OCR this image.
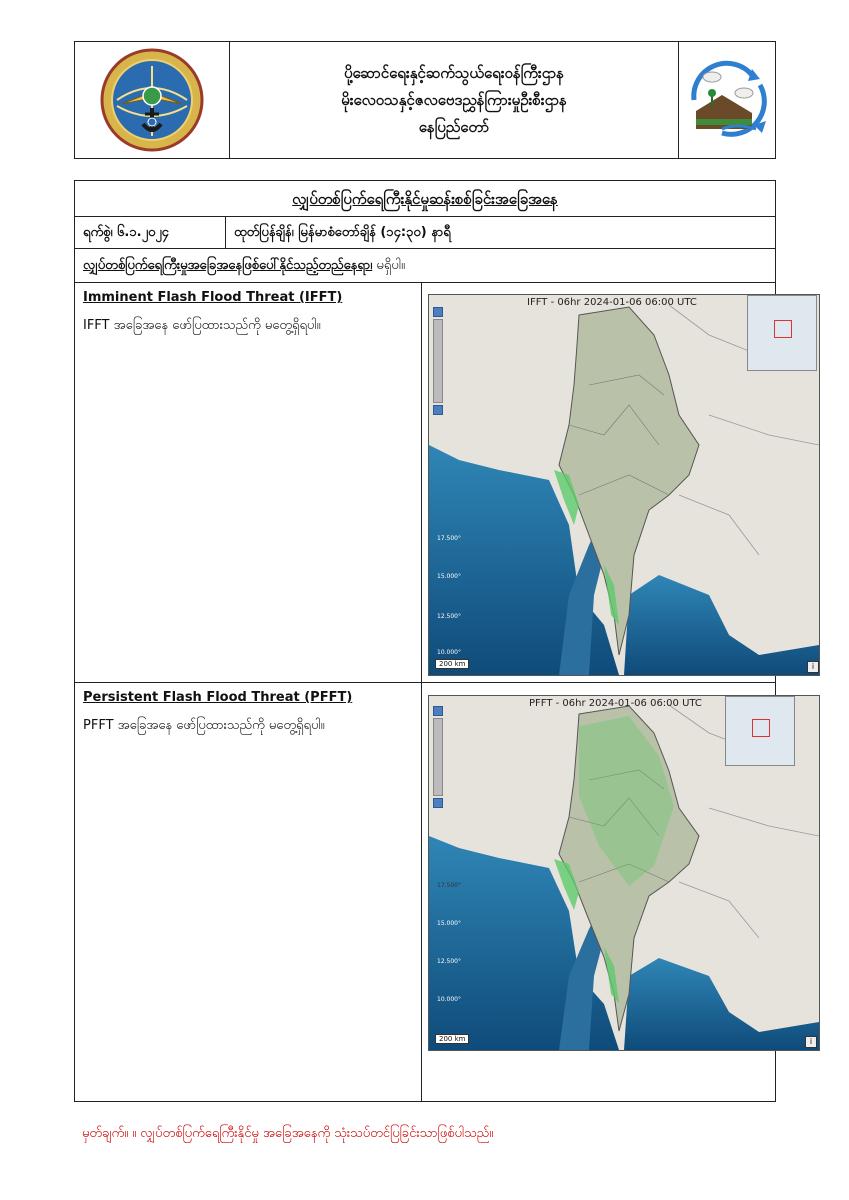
ပို့ဆောင်ရေးနှင့်ဆက်သွယ်ရေးဝန်ကြီးဌာန
မိုးလေဝသနှင့်ဇလဗေဒညွှန်ကြားမှုဦးစီးဌာန
နေပြည်တော်
လျှပ်တစ်ပြက်ရေကြီးနိုင်မှုဆန်းစစ်ခြင်းအခြေအနေ
ရက်စွဲ၊ ၆.၁.၂၀၂၄	ထုတ်ပြန်ချိန်၊ မြန်မာစံတော်ချိန် (၁၄:၃၀) နာရီ
လျှပ်တစ်ပြက်ရေကြီးမှုအခြေအနေဖြစ်ပေါ်နိုင်သည့်တည်နေရာ၊ မရှိပါ။
Imminent Flash Flood Threat (IFFT)
IFFT အခြေအနေ ဖော်ပြထားသည်ကို မတွေ့ရှိရပါ။
IFFT - 06hr 2024-01-06 06:00 UTC
200 km	i
17.500°
15.000°
12.500°
10.000°
Persistent Flash Flood Threat (PFFT)
PFFT အခြေအနေ ဖော်ပြထားသည်ကို မတွေ့ရှိရပါ။
PFFT - 06hr 2024-01-06 06:00 UTC
200 km	i
17.500°
15.000°
12.500°
10.000°
မှတ်ချက်။ ။ လျှပ်တစ်ပြက်ရေကြီးနိုင်မှု အခြေအနေကို သုံးသပ်တင်ပြခြင်းသာဖြစ်ပါသည်။
